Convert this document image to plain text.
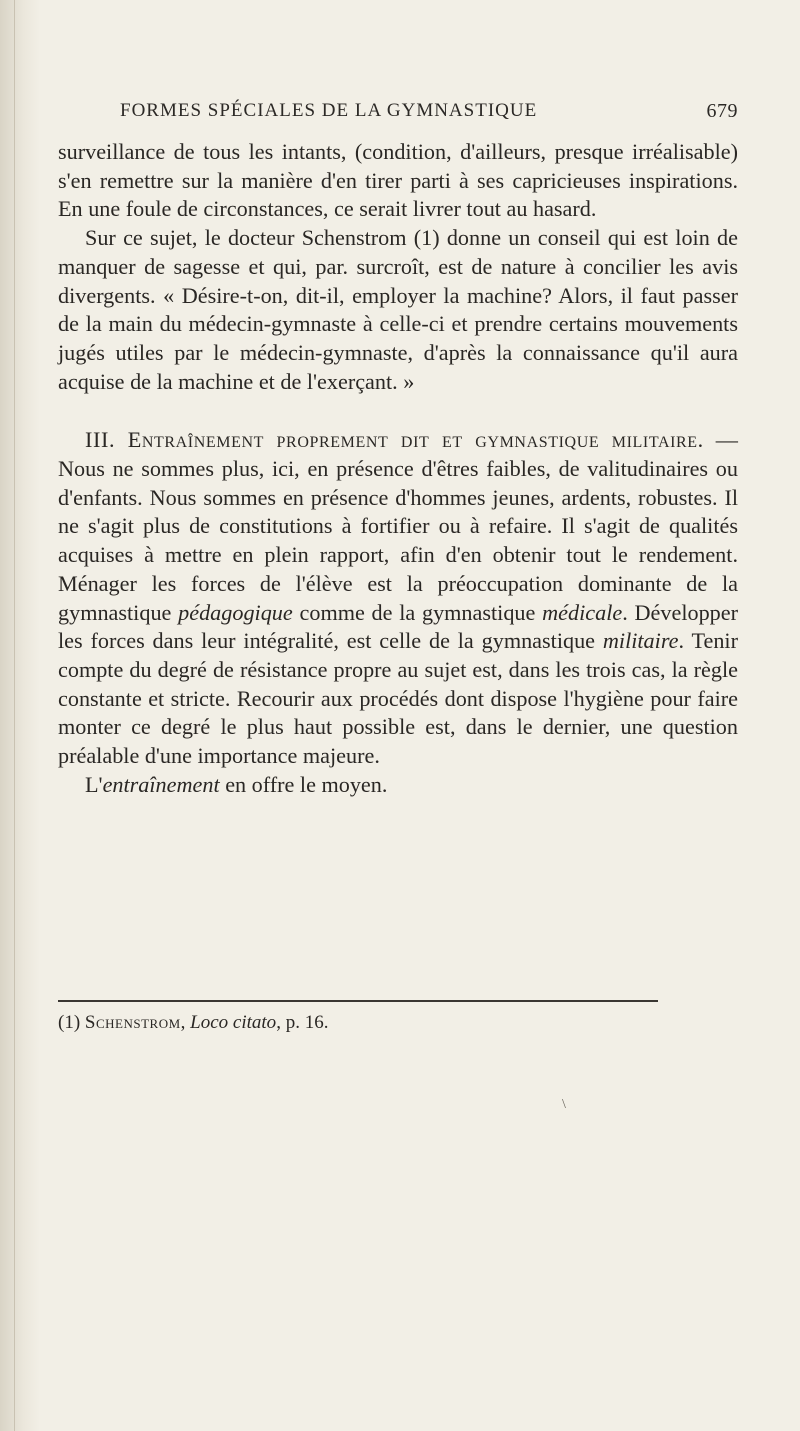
FORMES SPÉCIALES DE LA GYMNASTIQUE	679

surveillance de tous les intants, (condition, d'ailleurs, presque irréalisable) s'en remettre sur la manière d'en tirer parti à ses capricieuses inspirations. En une foule de circonstances, ce serait livrer tout au hasard.

Sur ce sujet, le docteur Schenstrom (1) donne un conseil qui est loin de manquer de sagesse et qui, par. surcroît, est de nature à concilier les avis divergents. « Désire-t-on, dit-il, employer la machine? Alors, il faut passer de la main du médecin-gymnaste à celle-ci et prendre certains mouvements jugés utiles par le médecin-gymnaste, d'après la connaissance qu'il aura acquise de la machine et de l'exerçant. »

III. Entraînement proprement dit et gymnastique militaire. — Nous ne sommes plus, ici, en présence d'êtres faibles, de valitudinaires ou d'enfants. Nous sommes en présence d'hommes jeunes, ardents, robustes. Il ne s'agit plus de constitutions à fortifier ou à refaire. Il s'agit de qualités acquises à mettre en plein rapport, afin d'en obtenir tout le rendement. Ménager les forces de l'élève est la préoccupation dominante de la gymnastique pédagogique comme de la gymnastique médicale. Développer les forces dans leur intégralité, est celle de la gymnastique militaire. Tenir compte du degré de résistance propre au sujet est, dans les trois cas, la règle constante et stricte. Recourir aux procédés dont dispose l'hygiène pour faire monter ce degré le plus haut possible est, dans le dernier, une question préalable d'une importance majeure.

L'entraînement en offre le moyen.

(1) Schenstrom, Loco citato, p. 16.
\
